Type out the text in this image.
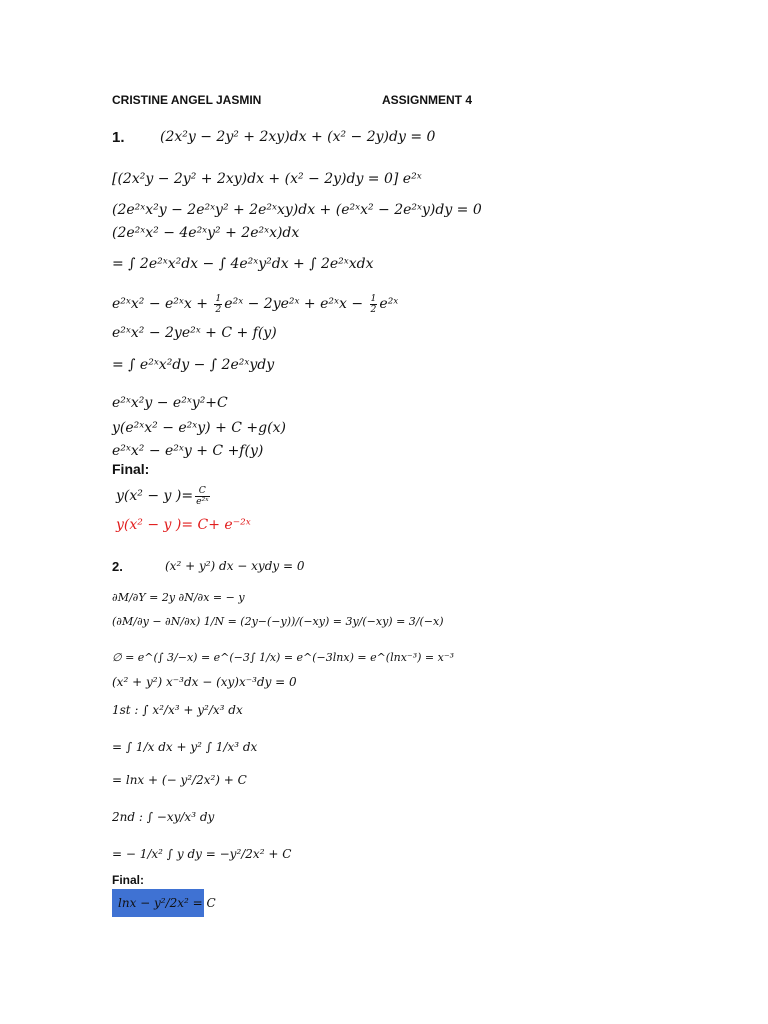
CRISTINE ANGEL JASMIN	ASSIGNMENT 4
1.	(2x²y − 2y² + 2xy)dx + (x² − 2y)dy = 0
[(2x²y − 2y² + 2xy)dx + (x² − 2y)dy = 0] e²ˣ
(2e²ˣx²y − 2e²ˣy² + 2e²ˣxy)dx + (e²ˣx² − 2e²ˣy)dy = 0
(2e²ˣx² − 4e²ˣy² + 2e²ˣx)dx
= ∫ 2e²ˣx²dx − ∫ 4e²ˣy²dx + ∫ 2e²ˣxdx
e²ˣx² − e²ˣx + $\frac{1}{2}$ e²ˣ − 2ye²ˣ + e²ˣx − $\frac{1}{2}$ e²ˣ
e²ˣx² − 2ye²ˣ + C + f(y)
= ∫ e²ˣx²dy − ∫ 2e²ˣydy
e²ˣx²y − e²ˣy²+C
y(e²ˣx² − e²ˣy) + C +g(x)
e²ˣx² − e²ˣy + C +f(y)
Final:
y(x² − y )= $\frac{C}{\text{e²ˣ}}$
y(x² − y )= C+ e⁻²ˣ
2.	(x² + y²) dx − xydy = 0
∂M/∂Y = 2y ∂N/∂x = − y
(∂M/∂y − ∂N/∂x) 1/N = (2y−(−y))/(−xy) = 3y/(−xy) = 3/(−x)
∅ = e^(∫ 3/−x) = e^(−3∫ 1/x) = e^(−3lnx) = e^(lnx⁻³) = x⁻³
(x² + y²) x⁻³dx − (xy)x⁻³dy = 0
1st : ∫ x²/x³ + y²/x³ dx
= ∫ 1/x dx + y² ∫ 1/x³ dx
= lnx + (− y²/2x²) + C
2nd : ∫ −xy/x³ dy
= − 1/x² ∫ y dy = −y²/2x² + C
Final:
lnx − y²/2x² = C
